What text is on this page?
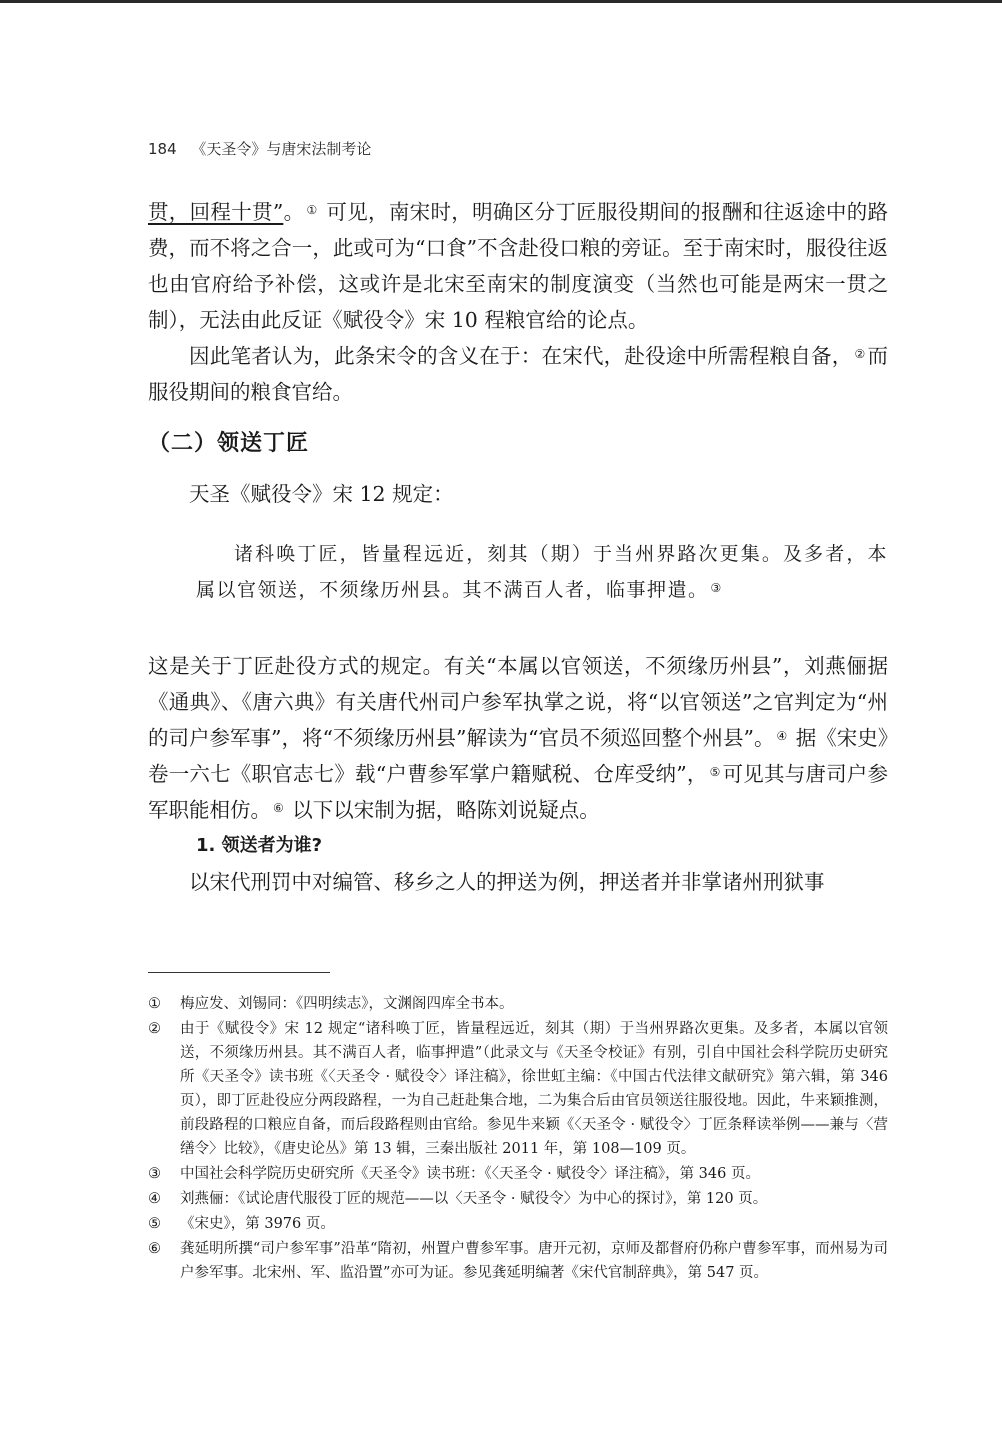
184 《天圣令》与唐宋法制考论

贯，回程十贯”。 ① 可见，南宋时，明确区分丁匠服役期间的报酬和往返途中的路费，而不将之合一，此或可为“口食”不含赴役口粮的旁证。至于南宋时，服役往返也由官府给予补偿，这或许是北宋至南宋的制度演变（当然也可能是两宋一贯之制），无法由此反证《赋役令》宋 10 程粮官给的论点。

因此笔者认为，此条宋令的含义在于：在宋代，赴役途中所需程粮自备， ②而服役期间的粮食官给。

（二）领送丁匠

天圣《赋役令》宋 12 规定：

诸科唤丁匠，皆量程远近，刻其（期）于当州界路次更集。及多者，本属以官领送，不须缘历州县。其不满百人者，临事押遣。 ③

这是关于丁匠赴役方式的规定。有关“本属以官领送，不须缘历州县”，刘燕俪据《通典》、《唐六典》有关唐代州司户参军执掌之说，将“以官领送”之官判定为“州的司户参军事”，将“不须缘历州县”解读为“官员不须巡回整个州县”。 ④ 据《宋史》卷一六七《职官志七》载“户曹参军掌户籍赋税、仓库受纳”， ⑤可见其与唐司户参军职能相仿。 ⑥ 以下以宋制为据，略陈刘说疑点。

1. 领送者为谁?

以宋代刑罚中对编管、移乡之人的押送为例，押送者并非掌诸州刑狱事

①	梅应发、刘锡同：《四明续志》，文渊阁四库全书本。
②	由于《赋役令》宋 12 规定“诸科唤丁匠，皆量程远近，刻其（期）于当州界路次更集。及多者，本属以官领送，不须缘历州县。其不满百人者，临事押遣”（此录文与《天圣令校证》有别，引自中国社会科学院历史研究所《天圣令》读书班《〈天圣令 · 赋役令〉译注稿》，徐世虹主编：《中国古代法律文献研究》第六辑，第 346 页），即丁匠赴役应分两段路程，一为自己赶赴集合地，二为集合后由官员领送往服役地。因此，牛来颖推测，前段路程的口粮应自备，而后段路程则由官给。参见牛来颖《〈天圣令 · 赋役令〉丁匠条释读举例——兼与〈营缮令〉比较》，《唐史论丛》第 13 辑，三秦出版社 2011 年，第 108—109 页。
③	中国社会科学院历史研究所《天圣令》读书班：《〈天圣令 · 赋役令〉译注稿》，第 346 页。
④	刘燕俪：《试论唐代服役丁匠的规范——以〈天圣令 · 赋役令〉为中心的探讨》，第 120 页。
⑤	《宋史》，第 3976 页。
⑥	龚延明所撰“司户参军事”沿革“隋初，州置户曹参军事。唐开元初，京师及都督府仍称户曹参军事，而州易为司户参军事。北宋州、军、监沿置”亦可为证。参见龚延明编著《宋代官制辞典》，第 547 页。
